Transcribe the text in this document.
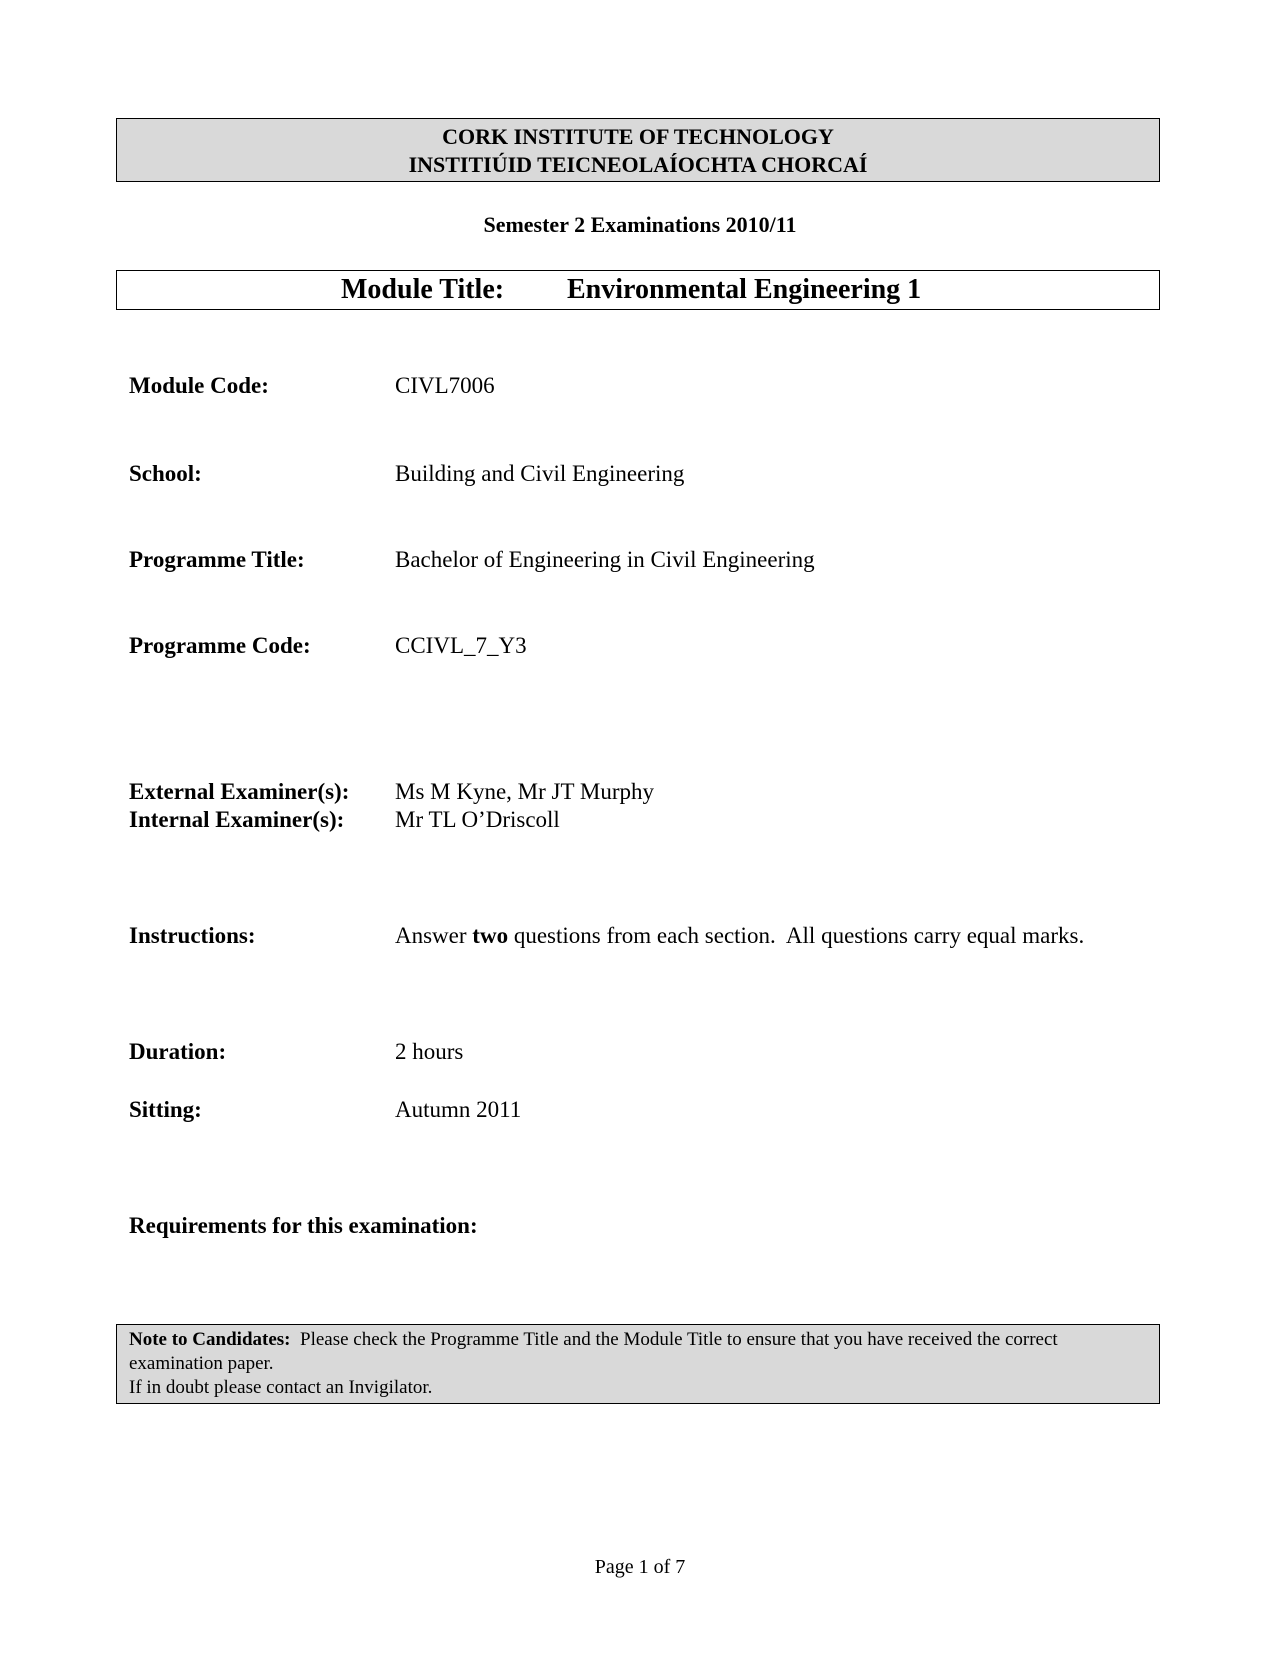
CORK INSTITUTE OF TECHNOLOGY
INSTITIÚID TEICNEOLAÍOCHTA CHORCAÍ
Semester 2 Examinations 2010/11
Module Title: Environmental Engineering 1
Module Code:	CIVL7006
School:	Building and Civil Engineering
Programme Title:	Bachelor of Engineering in Civil Engineering
Programme Code:	CCIVL_7_Y3
External Examiner(s): Ms M Kyne, Mr JT Murphy
Internal Examiner(s): Mr TL O’Driscoll
Instructions:	Answer two questions from each section.  All questions carry equal marks.
Duration:	2 hours
Sitting:	Autumn 2011
Requirements for this examination:
Note to Candidates:  Please check the Programme Title and the Module Title to ensure that you have received the correct examination paper.
If in doubt please contact an Invigilator.
Page 1 of 7
